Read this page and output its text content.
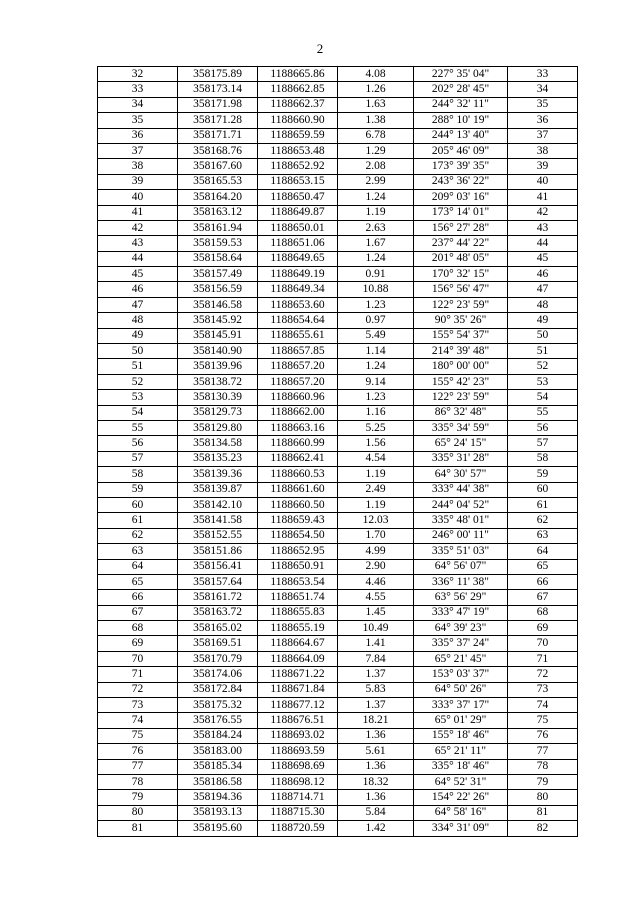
2
32	358175.89	1188665.86	4.08	227° 35' 04"	33
33	358173.14	1188662.85	1.26	202° 28' 45"	34
34	358171.98	1188662.37	1.63	244° 32' 11"	35
35	358171.28	1188660.90	1.38	288° 10' 19"	36
36	358171.71	1188659.59	6.78	244° 13' 40"	37
37	358168.76	1188653.48	1.29	205° 46' 09"	38
38	358167.60	1188652.92	2.08	173° 39' 35"	39
39	358165.53	1188653.15	2.99	243° 36' 22"	40
40	358164.20	1188650.47	1.24	209° 03' 16"	41
41	358163.12	1188649.87	1.19	173° 14' 01"	42
42	358161.94	1188650.01	2.63	156° 27' 28"	43
43	358159.53	1188651.06	1.67	237° 44' 22"	44
44	358158.64	1188649.65	1.24	201° 48' 05"	45
45	358157.49	1188649.19	0.91	170° 32' 15"	46
46	358156.59	1188649.34	10.88	156° 56' 47"	47
47	358146.58	1188653.60	1.23	122° 23' 59"	48
48	358145.92	1188654.64	0.97	90° 35' 26"	49
49	358145.91	1188655.61	5.49	155° 54' 37"	50
50	358140.90	1188657.85	1.14	214° 39' 48"	51
51	358139.96	1188657.20	1.24	180° 00' 00"	52
52	358138.72	1188657.20	9.14	155° 42' 23"	53
53	358130.39	1188660.96	1.23	122° 23' 59"	54
54	358129.73	1188662.00	1.16	86° 32' 48"	55
55	358129.80	1188663.16	5.25	335° 34' 59"	56
56	358134.58	1188660.99	1.56	65° 24' 15"	57
57	358135.23	1188662.41	4.54	335° 31' 28"	58
58	358139.36	1188660.53	1.19	64° 30' 57"	59
59	358139.87	1188661.60	2.49	333° 44' 38"	60
60	358142.10	1188660.50	1.19	244° 04' 52"	61
61	358141.58	1188659.43	12.03	335° 48' 01"	62
62	358152.55	1188654.50	1.70	246° 00' 11"	63
63	358151.86	1188652.95	4.99	335° 51' 03"	64
64	358156.41	1188650.91	2.90	64° 56' 07"	65
65	358157.64	1188653.54	4.46	336° 11' 38"	66
66	358161.72	1188651.74	4.55	63° 56' 29"	67
67	358163.72	1188655.83	1.45	333° 47' 19"	68
68	358165.02	1188655.19	10.49	64° 39' 23"	69
69	358169.51	1188664.67	1.41	335° 37' 24"	70
70	358170.79	1188664.09	7.84	65° 21' 45"	71
71	358174.06	1188671.22	1.37	153° 03' 37"	72
72	358172.84	1188671.84	5.83	64° 50' 26"	73
73	358175.32	1188677.12	1.37	333° 37' 17"	74
74	358176.55	1188676.51	18.21	65° 01' 29"	75
75	358184.24	1188693.02	1.36	155° 18' 46"	76
76	358183.00	1188693.59	5.61	65° 21' 11"	77
77	358185.34	1188698.69	1.36	335° 18' 46"	78
78	358186.58	1188698.12	18.32	64° 52' 31"	79
79	358194.36	1188714.71	1.36	154° 22' 26"	80
80	358193.13	1188715.30	5.84	64° 58' 16"	81
81	358195.60	1188720.59	1.42	334° 31' 09"	82
